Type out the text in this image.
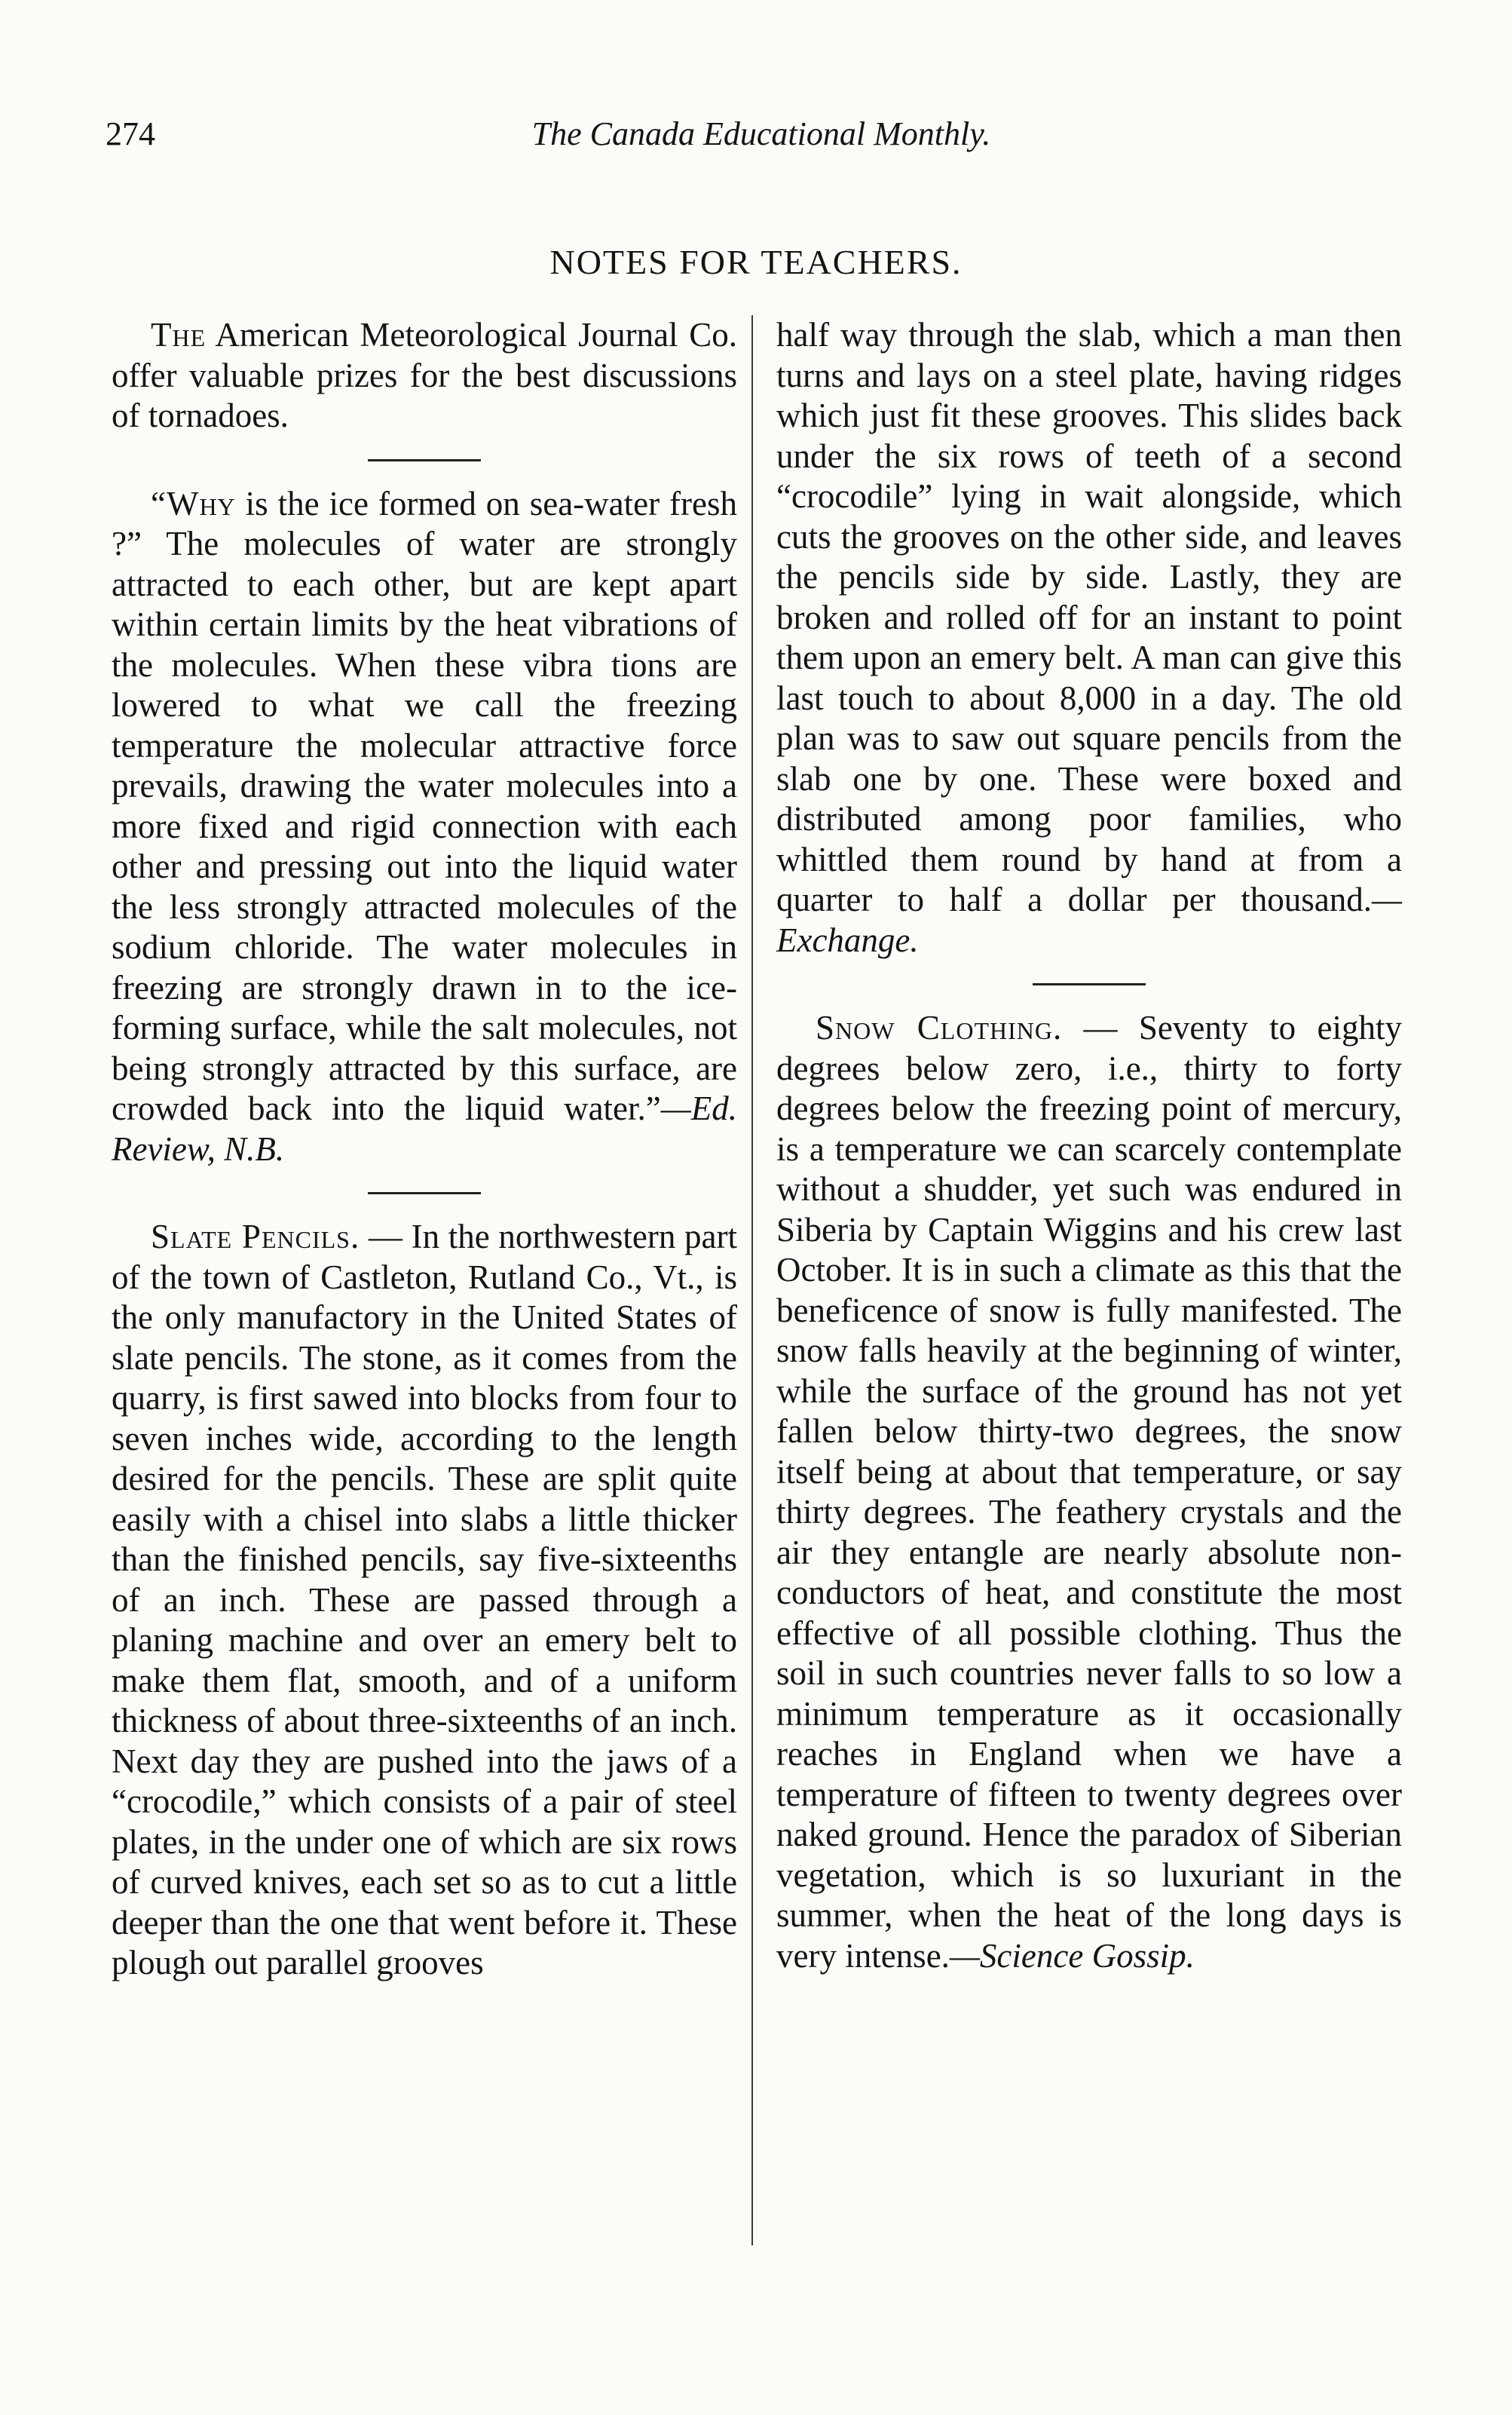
274	The Canada Educational Monthly.
NOTES FOR TEACHERS.

The American Meteorological Journal Co. offer valuable prizes for the best discussions of tornadoes.

“Why is the ice formed on sea-water fresh ?” The molecules of water are strongly attracted to each other, but are kept apart within certain limits by the heat vibrations of the molecules. When these vibra tions are lowered to what we call the freezing temperature the molecular attractive force prevails, drawing the water molecules into a more fixed and rigid connection with each other and pressing out into the liquid water the less strongly attracted molecules of the sodium chloride. The water molecules in freezing are strongly drawn in to the ice-forming surface, while the salt molecules, not being strongly attracted by this surface, are crowded back into the liquid water.”—Ed. Review, N.B.

Slate Pencils. — In the northwestern part of the town of Castleton, Rutland Co., Vt., is the only manufactory in the United States of slate pencils. The stone, as it comes from the quarry, is first sawed into blocks from four to seven inches wide, according to the length desired for the pencils. These are split quite easily with a chisel into slabs a little thicker than the finished pencils, say five-sixteenths of an inch. These are passed through a planing machine and over an emery belt to make them flat, smooth, and of a uniform thickness of about three-sixteenths of an inch. Next day they are pushed into the jaws of a “crocodile,” which consists of a pair of steel plates, in the under one of which are six rows of curved knives, each set so as to cut a little deeper than the one that went before it. These plough out parallel grooves

half way through the slab, which a man then turns and lays on a steel plate, having ridges which just fit these grooves. This slides back under the six rows of teeth of a second “crocodile” lying in wait alongside, which cuts the grooves on the other side, and leaves the pencils side by side. Lastly, they are broken and rolled off for an instant to point them upon an emery belt. A man can give this last touch to about 8,000 in a day. The old plan was to saw out square pencils from the slab one by one. These were boxed and distributed among poor families, who whittled them round by hand at from a quarter to half a dollar per thousand.—Exchange.

Snow Clothing. — Seventy to eighty degrees below zero, i.e., thirty to forty degrees below the freezing point of mercury, is a temperature we can scarcely contemplate without a shudder, yet such was endured in Siberia by Captain Wiggins and his crew last October. It is in such a climate as this that the beneficence of snow is fully manifested. The snow falls heavily at the beginning of winter, while the surface of the ground has not yet fallen below thirty-two degrees, the snow itself being at about that temperature, or say thirty degrees. The feathery crystals and the air they entangle are nearly absolute non-conductors of heat, and constitute the most effective of all possible clothing. Thus the soil in such countries never falls to so low a minimum temperature as it occasionally reaches in England when we have a temperature of fifteen to twenty degrees over naked ground. Hence the paradox of Siberian vegetation, which is so luxuriant in the summer, when the heat of the long days is very intense.—Science Gossip.
